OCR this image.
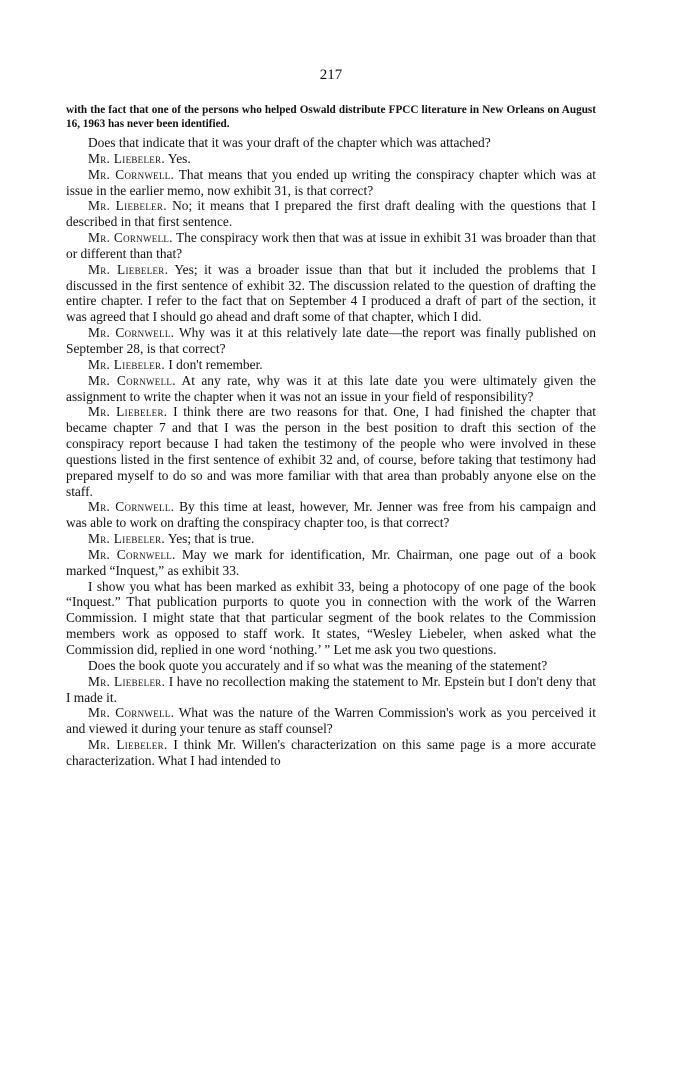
217

with the fact that one of the persons who helped Oswald distribute FPCC literature in New Orleans on August 16, 1963 has never been identified.

Does that indicate that it was your draft of the chapter which was attached?

Mr. Liebeler. Yes.

Mr. Cornwell. That means that you ended up writing the conspiracy chapter which was at issue in the earlier memo, now exhibit 31, is that correct?

Mr. Liebeler. No; it means that I prepared the first draft dealing with the questions that I described in that first sentence.

Mr. Cornwell. The conspiracy work then that was at issue in exhibit 31 was broader than that or different than that?

Mr. Liebeler. Yes; it was a broader issue than that but it included the problems that I discussed in the first sentence of exhibit 32. The discussion related to the question of drafting the entire chapter. I refer to the fact that on September 4 I produced a draft of part of the section, it was agreed that I should go ahead and draft some of that chapter, which I did.

Mr. Cornwell. Why was it at this relatively late date—the report was finally published on September 28, is that correct?

Mr. Liebeler. I don't remember.

Mr. Cornwell. At any rate, why was it at this late date you were ultimately given the assignment to write the chapter when it was not an issue in your field of responsibility?

Mr. Liebeler. I think there are two reasons for that. One, I had finished the chapter that became chapter 7 and that I was the person in the best position to draft this section of the conspiracy report because I had taken the testimony of the people who were involved in these questions listed in the first sentence of exhibit 32 and, of course, before taking that testimony had prepared myself to do so and was more familiar with that area than probably anyone else on the staff.

Mr. Cornwell. By this time at least, however, Mr. Jenner was free from his campaign and was able to work on drafting the conspiracy chapter too, is that correct?

Mr. Liebeler. Yes; that is true.

Mr. Cornwell. May we mark for identification, Mr. Chairman, one page out of a book marked “Inquest,” as exhibit 33.

I show you what has been marked as exhibit 33, being a photocopy of one page of the book “Inquest.” That publication purports to quote you in connection with the work of the Warren Commission. I might state that that particular segment of the book relates to the Commission members work as opposed to staff work. It states, “Wesley Liebeler, when asked what the Commission did, replied in one word ‘nothing.’ ” Let me ask you two questions.

Does the book quote you accurately and if so what was the meaning of the statement?

Mr. Liebeler. I have no recollection making the statement to Mr. Epstein but I don't deny that I made it.

Mr. Cornwell. What was the nature of the Warren Commission's work as you perceived it and viewed it during your tenure as staff counsel?

Mr. Liebeler. I think Mr. Willen's characterization on this same page is a more accurate characterization. What I had intended to
